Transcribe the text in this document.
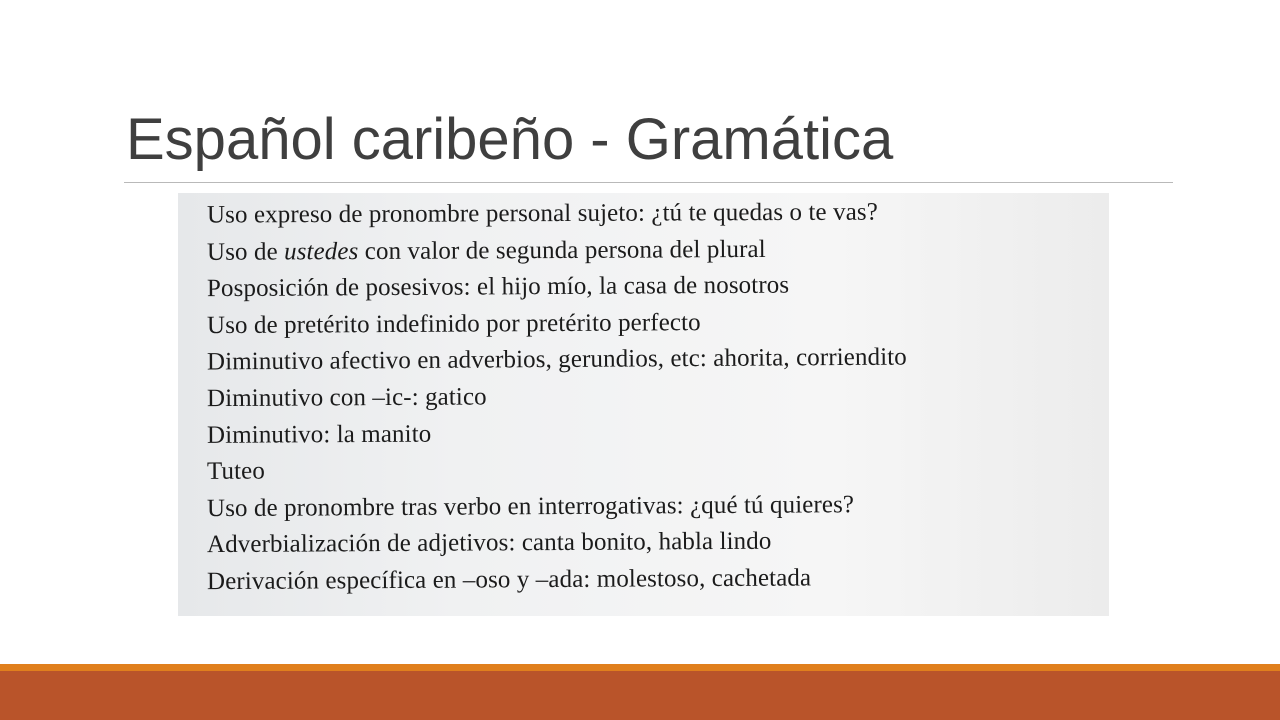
Español caribeño - Gramática
Uso expreso de pronombre personal sujeto: ¿tú te quedas o te vas?
Uso de ustedes con valor de segunda persona del plural
Posposición de posesivos: el hijo mío, la casa de nosotros
Uso de pretérito indefinido por pretérito perfecto
Diminutivo afectivo en adverbios, gerundios, etc: ahorita, corriendito
Diminutivo con –ic-: gatico
Diminutivo: la manito
Tuteo
Uso de pronombre tras verbo en interrogativas: ¿qué tú quieres?
Adverbialización de adjetivos: canta bonito, habla lindo
Derivación específica en –oso y –ada: molestoso, cachetada
